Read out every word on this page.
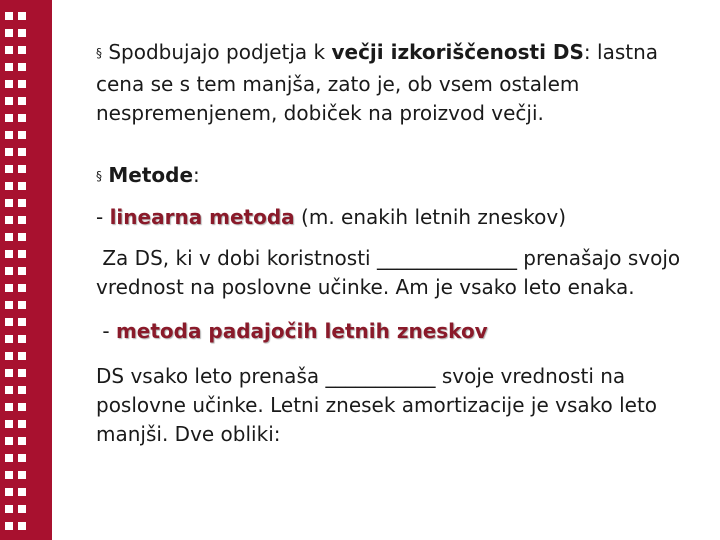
§ Spodbujajo podjetja k večji izkoriščenosti DS: lastna cena se s tem manjša, zato je, ob vsem ostalem nespremenjenem, dobiček na proizvod večji.

§ Metode:

- linearna metoda (m. enakih letnih zneskov)

Za DS, ki v dobi koristnosti ______________ prenašajo svojo vrednost na poslovne učinke. Am je vsako leto enaka.

- metoda padajočih letnih zneskov

DS vsako leto prenaša ___________ svoje vrednosti na poslovne učinke. Letni znesek amortizacije je vsako leto manjši. Dve obliki:
